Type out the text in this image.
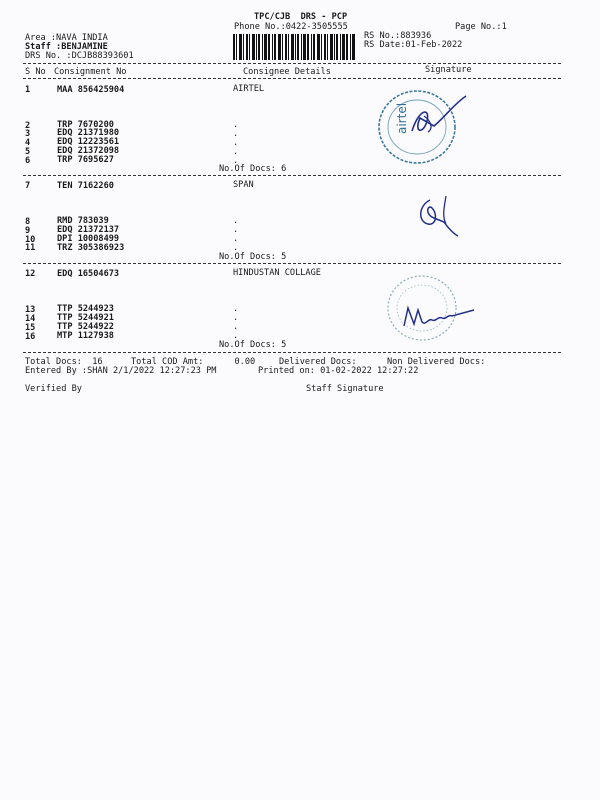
TPC/CJB  DRS - PCP
Phone No.:0422-3505555	Page No.:1
Area :NAVA INDIA
Staff :BENJAMINE
DRS No. :DCJB88393601
RS No.:883936
RS Date:01-Feb-2022
S No Consignment No	Consignee Details	Signature
1	MAA 856425904	AIRTEL
2	TRP 7670200
3	EDQ 21371980
4	EDQ 12223561
5	EDQ 21372098
6	TRP 7695627
.
.
.
.
.
No.Of Docs: 6
airtel
7	TEN 7162260	SPAN
8	RMD 783039
9	EDQ 21372137
10	DPI 10008499
11	TRZ 305386923
.
.
.
.
No.Of Docs: 5
12	EDQ 16504673	HINDUSTAN COLLAGE
13	TTP 5244923
14	TTP 5244921
15	TTP 5244922
16	MTP 1127938
.
.
.
.
No.Of Docs: 5
Total Docs:  16	Total COD Amt:      0.00	Delivered Docs:	Non Delivered Docs:
Entered By :SHAN 2/1/2022 12:27:23 PM	Printed on: 01-02-2022 12:27:22
Verified By	Staff Signature
